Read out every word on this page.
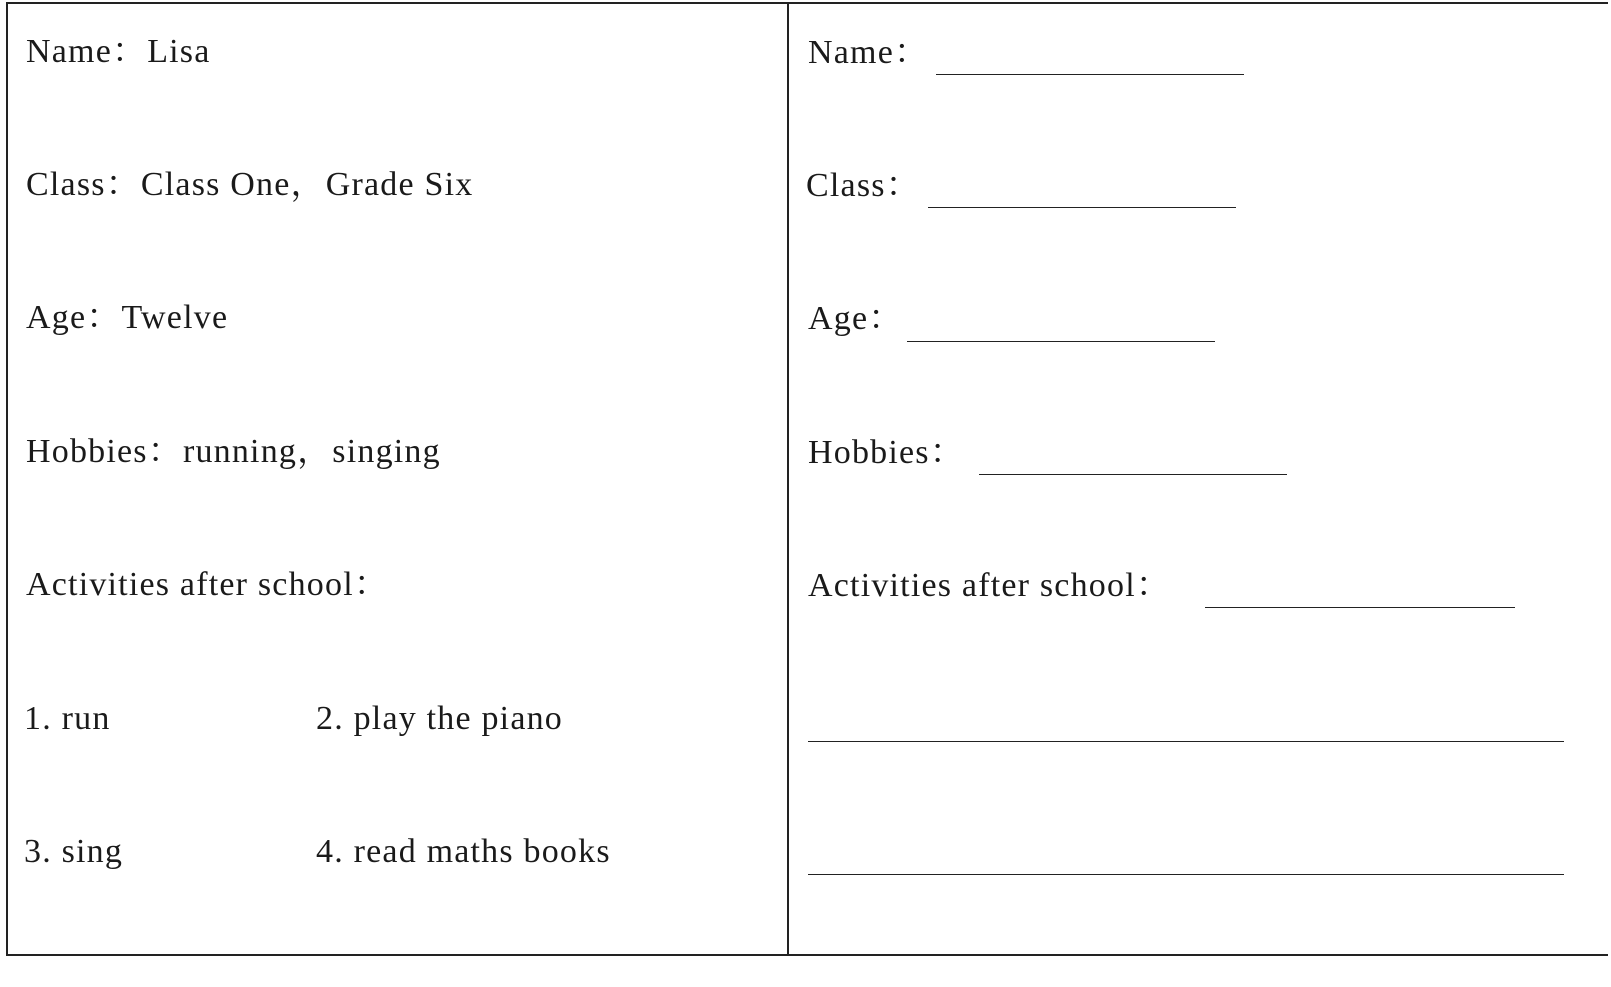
Name：Lisa
Class：Class One，Grade Six
Age：Twelve
Hobbies：running，singing
Activities after school：
1. run	2. play the piano
3. sing	4. read maths books
Name：
Class：
Age：
Hobbies：
Activities after school：
